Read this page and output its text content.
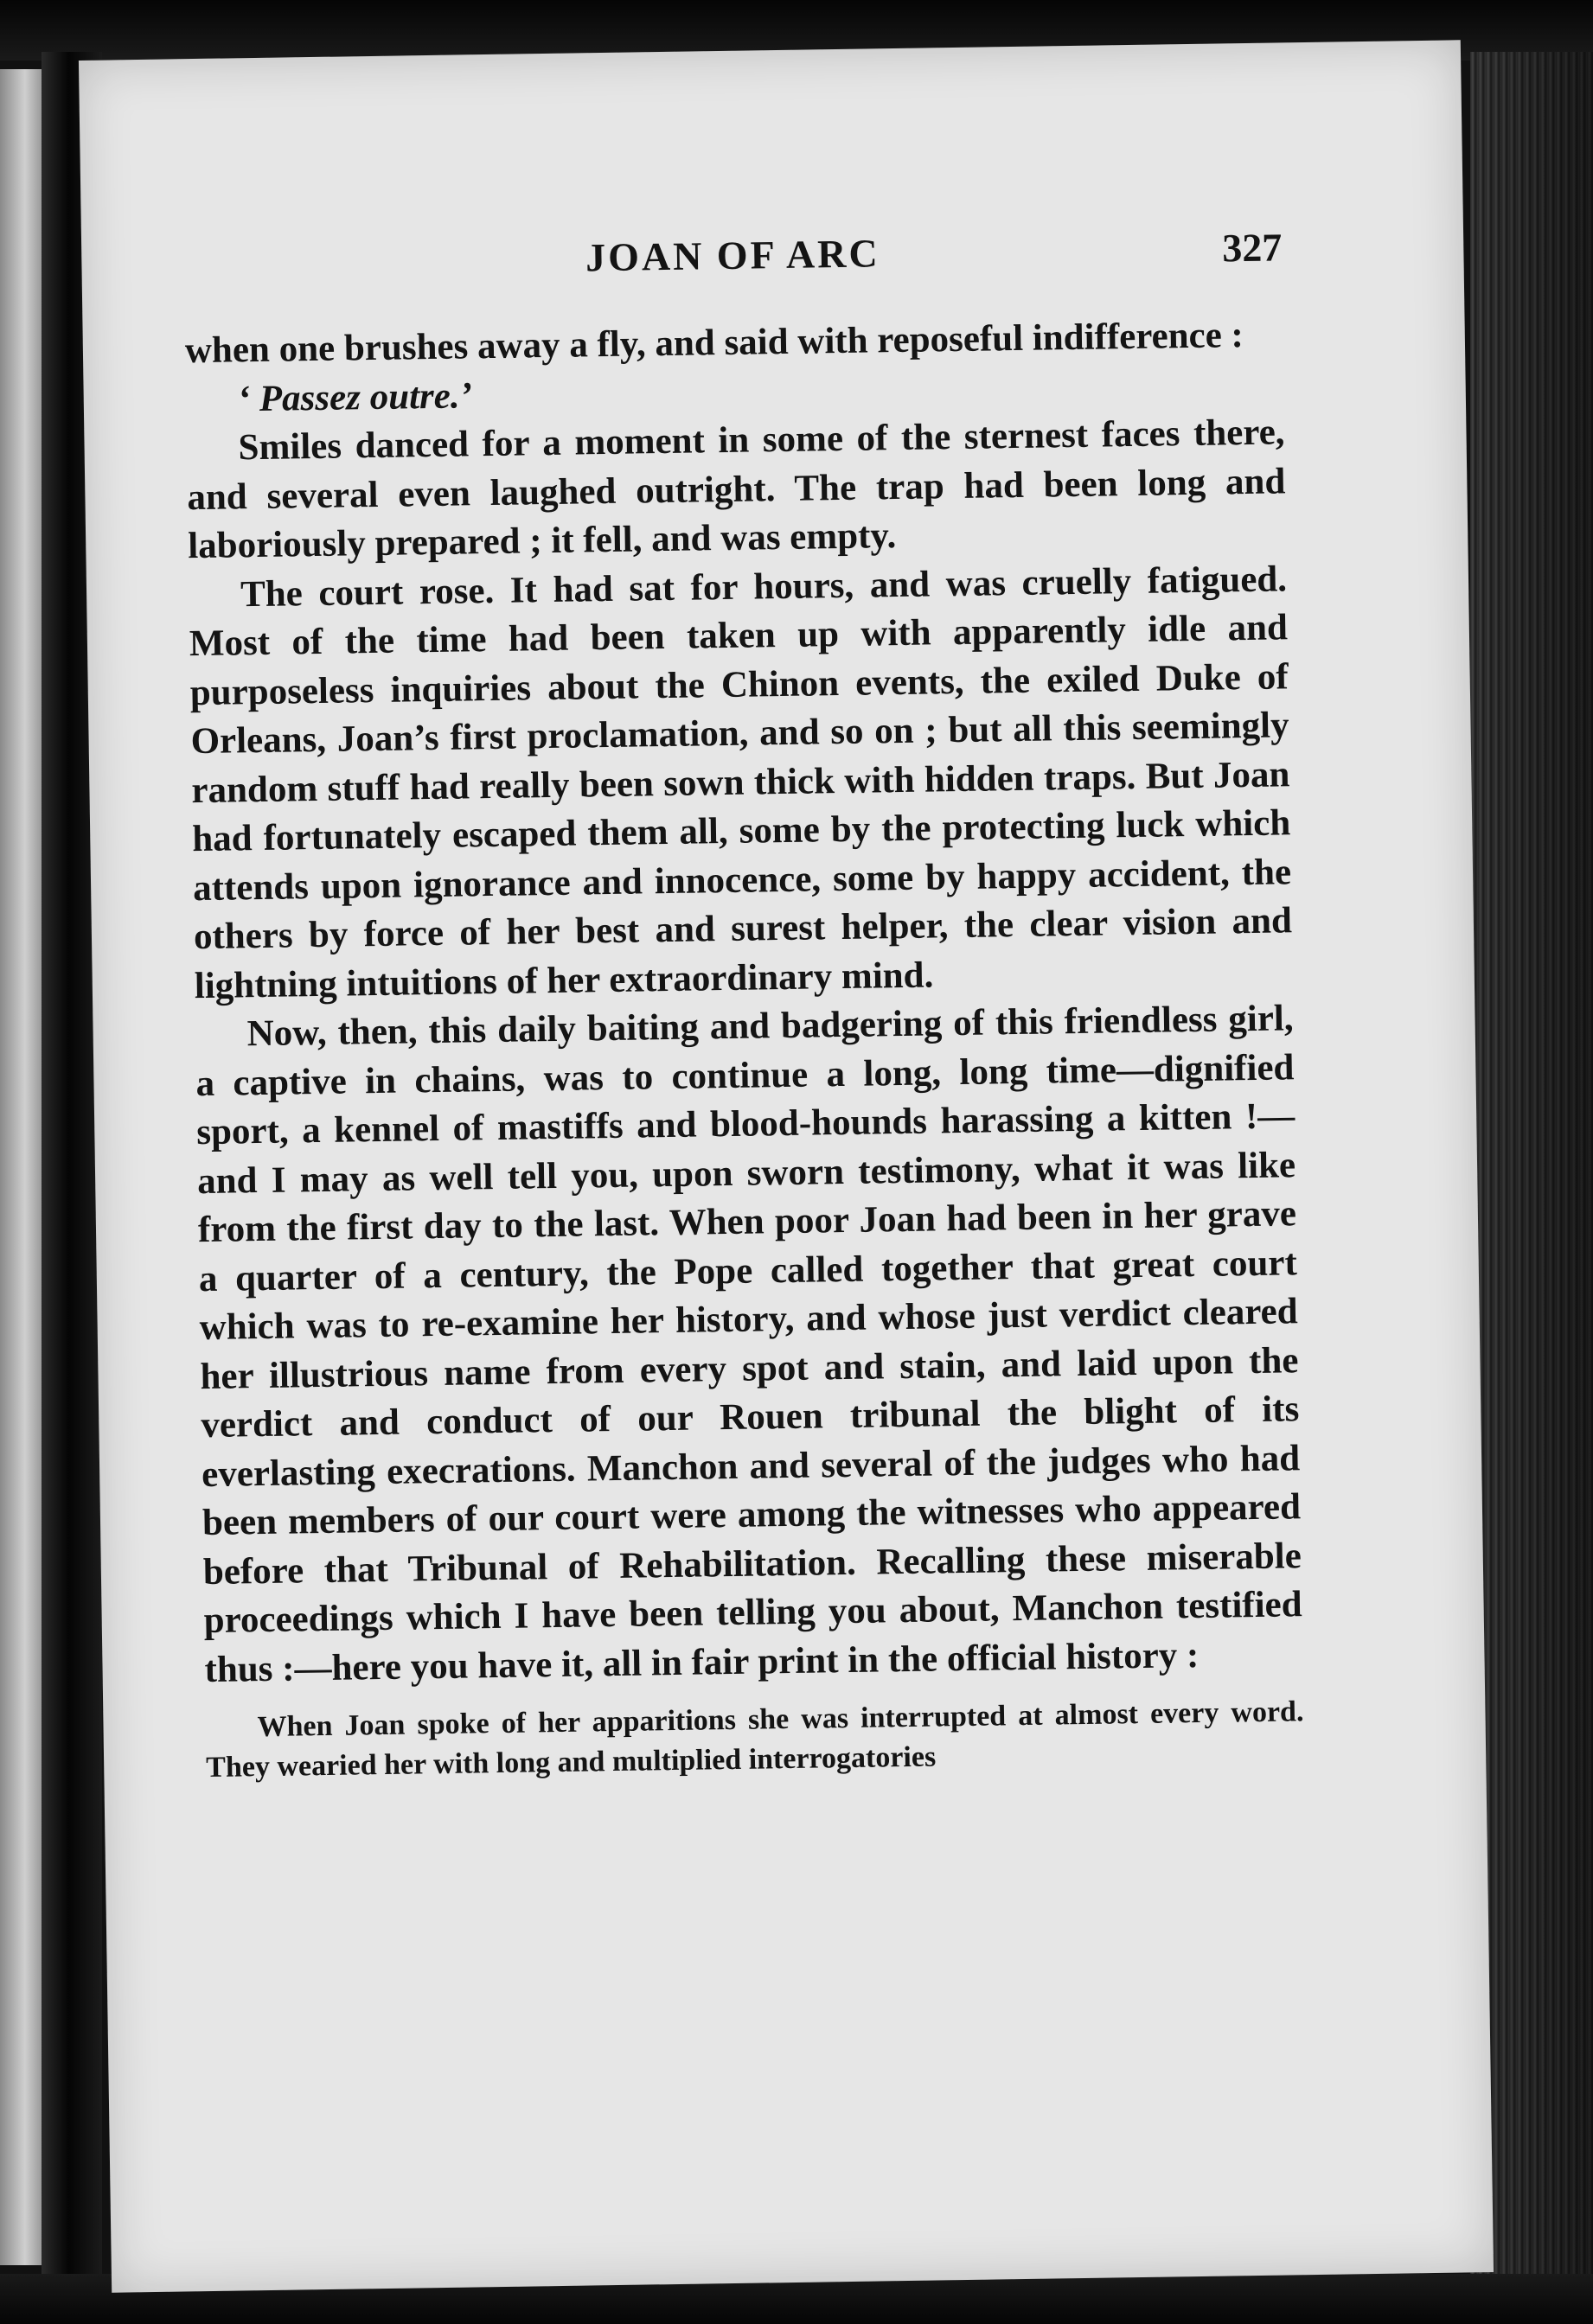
JOAN OF ARC	327

when one brushes away a fly, and said with reposeful indifference :

‘ Passez outre.’

Smiles danced for a moment in some of the sternest faces there, and several even laughed outright. The trap had been long and laboriously prepared ; it fell, and was empty.

The court rose. It had sat for hours, and was cruelly fatigued. Most of the time had been taken up with apparently idle and purposeless inquiries about the Chinon events, the exiled Duke of Orleans, Joan’s first proclamation, and so on ; but all this seemingly random stuff had really been sown thick with hidden traps. But Joan had fortunately escaped them all, some by the protecting luck which attends upon ignorance and innocence, some by happy accident, the others by force of her best and surest helper, the clear vision and lightning intuitions of her extraordinary mind.

Now, then, this daily baiting and badgering of this friendless girl, a captive in chains, was to continue a long, long time—dignified sport, a kennel of mastiffs and blood-hounds harassing a kitten !—and I may as well tell you, upon sworn testimony, what it was like from the first day to the last. When poor Joan had been in her grave a quarter of a century, the Pope called together that great court which was to re-examine her history, and whose just verdict cleared her illustrious name from every spot and stain, and laid upon the verdict and conduct of our Rouen tribunal the blight of its everlasting execrations. Manchon and several of the judges who had been members of our court were among the witnesses who appeared before that Tribunal of Rehabilitation. Recalling these miserable proceedings which I have been telling you about, Manchon testified thus :—here you have it, all in fair print in the official history :

When Joan spoke of her apparitions she was interrupted at almost every word. They wearied her with long and multiplied interrogatories
